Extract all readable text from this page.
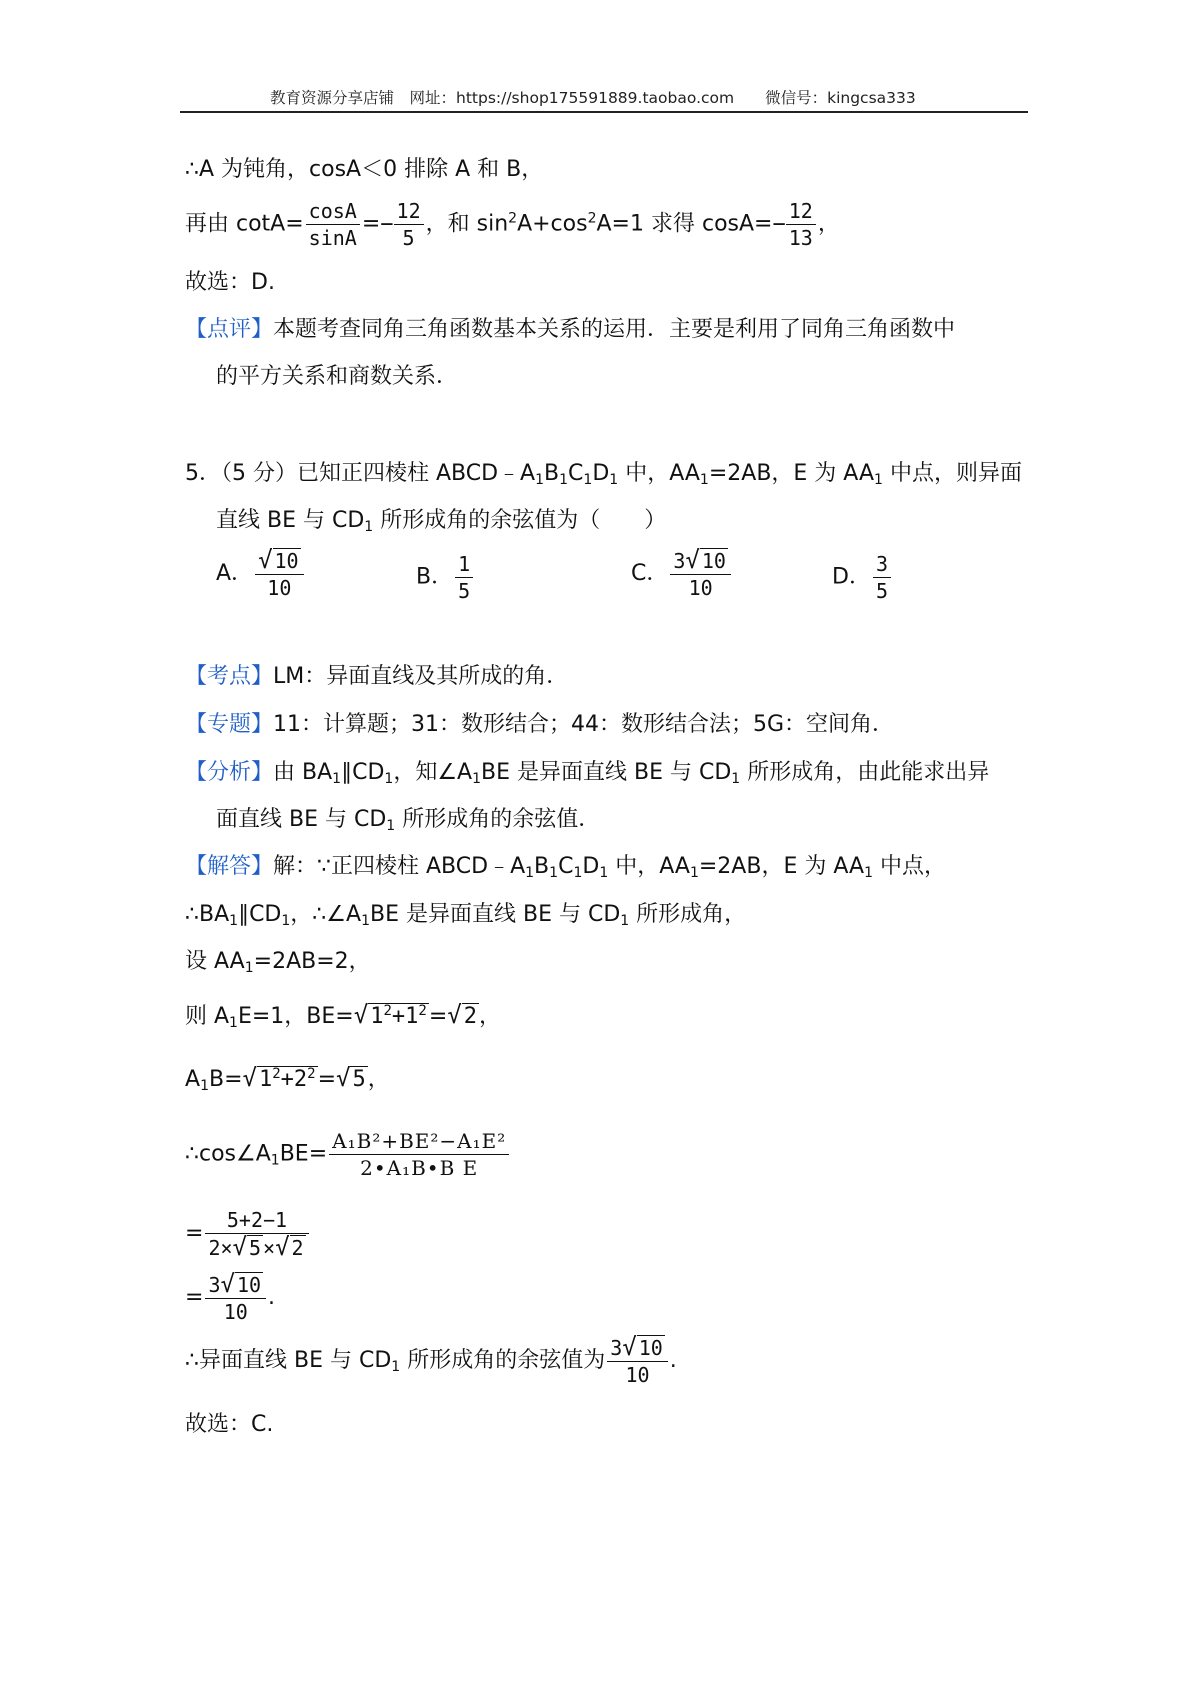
教育资源分享店铺　网址：https://shop175591889.taobao.com　　微信号：kingcsa333
∴A 为钝角，cosA＜0 排除 A 和 B，
再由 $\cot A= \frac{\cos A}{\sin A} =- \frac{12}{5}$ ，和 $\sin^2A+\cos^2A=1$ 求得 $\cos A=- \frac{12}{13}$ ，
故选：D.
【点评】本题考查同角三角函数基本关系的运用．主要是利用了同角三角函数中
的平方关系和商数关系．
5．（5 分）已知正四棱柱 $ABCD﹣A_1B_1C_1D_1$ 中，$AA_1=2AB$，E 为 $AA_1$ 中点，则异面
直线 BE 与 $CD_1$ 所形成角的余弦值为（　　）
A． $\frac{√ 10}{10}$	B． $\frac{1}{5}$	C． $\frac{3√ 10}{10}$	D． $\frac{3}{5}$
【考点】LM：异面直线及其所成的角．
【专题】11：计算题；31：数形结合；44：数形结合法；5G：空间角．
【分析】由 $BA_1\parallel CD_1$，知$\angle A_1BE$ 是异面直线 BE 与 $CD_1$ 所形成角，由此能求出异
面直线 BE 与 $CD_1$ 所形成角的余弦值．
【解答】解：∵正四棱柱 $ABCD﹣A_1B_1C_1D_1$ 中，$AA_1=2AB$，E 为 $AA_1$ 中点，
$\therefore BA_1\parallel CD_1$，$\therefore\angle A_1BE$ 是异面直线 BE 与 $CD_1$ 所形成角，
设 $AA_1=2AB=2$，
则 $A_1E=1$，$BE=√1^2+1^2=√2$，
$A_1B=√1^2+2^2=√5$，
$\therefore\cos\angle A_1BE= \frac{\text{A₁B²+BE²−A₁E²}}{\text{2•A₁B•B E}}$
= $\frac{5+2-1}{2\times√ 5 \times√ 2}$
= $\frac{3√ 10}{10}$ .
∴异面直线 BE 与 $CD_1$ 所形成角的余弦值为 $\frac{3√ 10}{10}$ .
故选：C.
